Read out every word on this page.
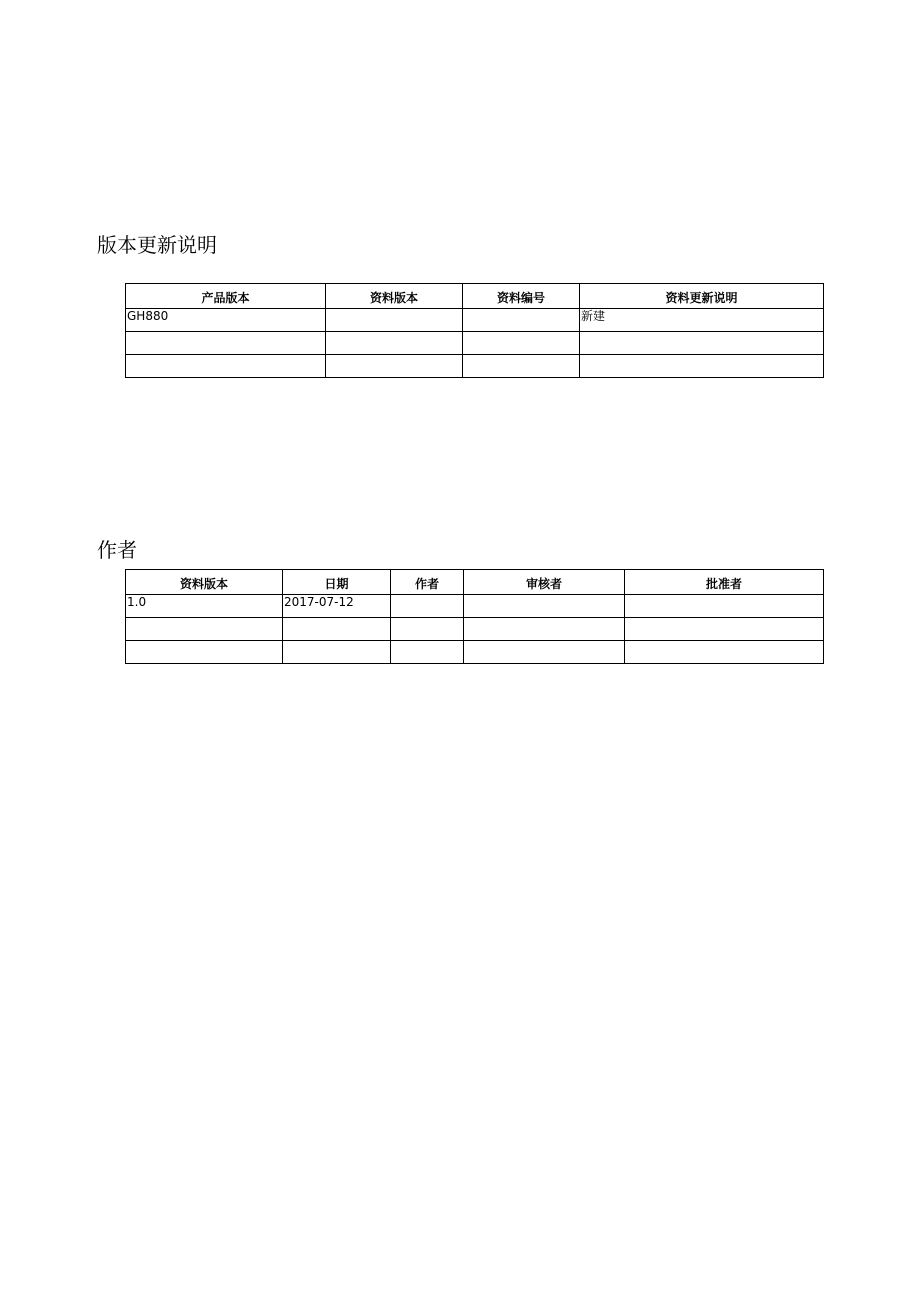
版本更新说明
产品版本	资料版本	资料编号	资料更新说明
GH880			新建

作者
资料版本	日期	作者	审核者	批准者
1.0	2017-07-12			
